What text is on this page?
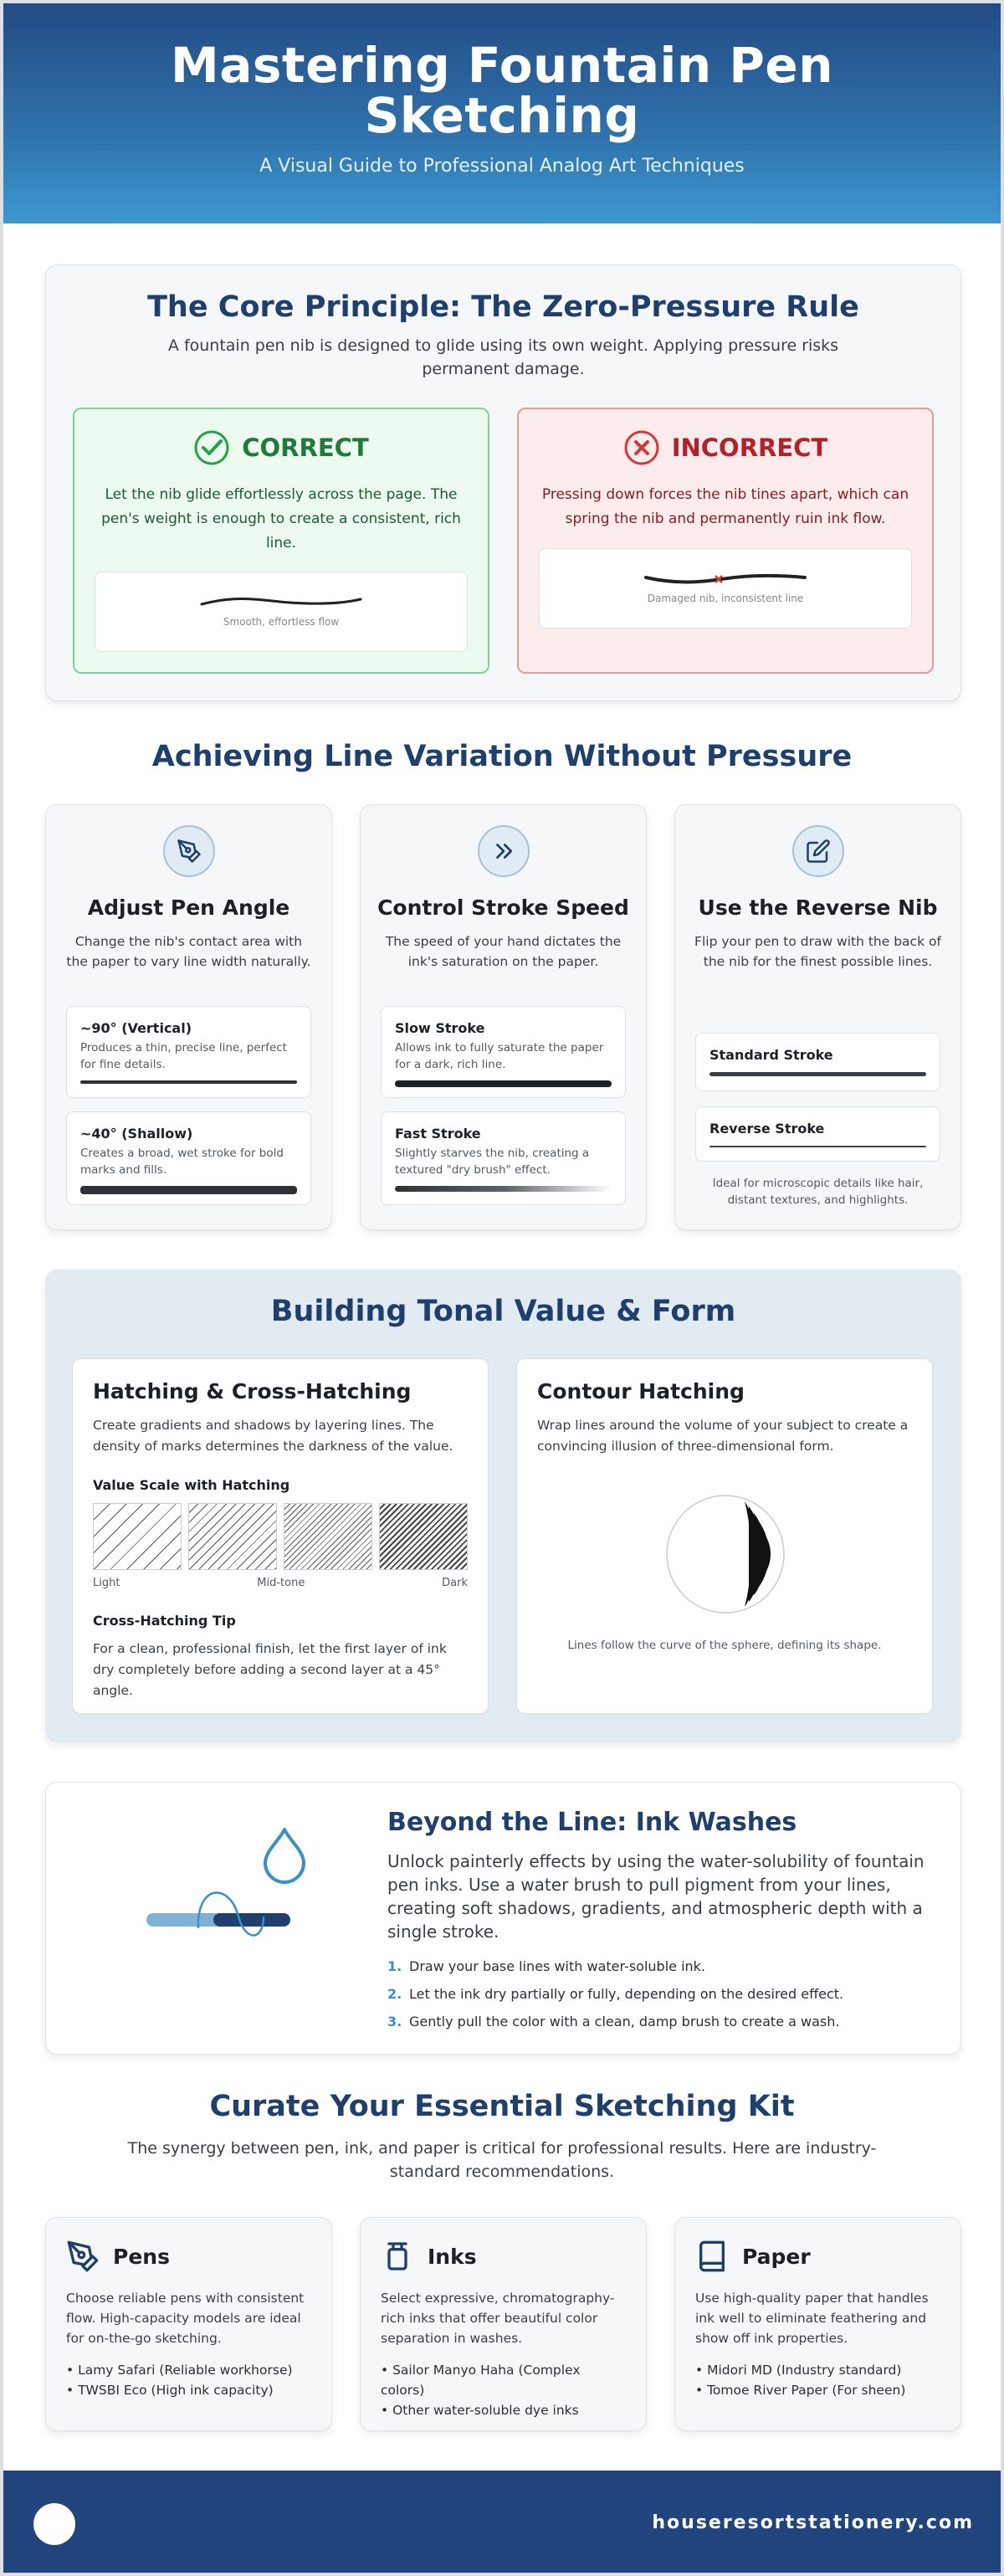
Mastering Fountain Pen Sketching

A Visual Guide to Professional Analog Art Techniques

The Core Principle: The Zero-Pressure Rule

A fountain pen nib is designed to glide using its own weight. Applying pressure risks permanent damage.

CORRECT

Let the nib glide effortlessly across the page. The pen's weight is enough to create a consistent, rich line.

Smooth, effortless flow
INCORRECT

Pressing down forces the nib tines apart, which can spring the nib and permanently ruin ink flow.

Damaged nib, inconsistent line
Achieving Line Variation Without Pressure
Adjust Pen Angle

Change the nib's contact area with the paper to vary line width naturally.

~90° (Vertical)
Produces a thin, precise line, perfect for fine details.
~40° (Shallow)
Creates a broad, wet stroke for bold marks and fills.
Control Stroke Speed

The speed of your hand dictates the ink's saturation on the paper.

Slow Stroke
Allows ink to fully saturate the paper for a dark, rich line.
Fast Stroke
Slightly starves the nib, creating a textured "dry brush" effect.
Use the Reverse Nib

Flip your pen to draw with the back of the nib for the finest possible lines.

Standard Stroke
Reverse Stroke

Ideal for microscopic details like hair, distant textures, and highlights.

Building Tonal Value & Form
Hatching & Cross-Hatching

Create gradients and shadows by layering lines. The density of marks determines the darkness of the value.

Value Scale with Hatching
Light	Mid-tone	Dark
Cross-Hatching Tip

For a clean, professional finish, let the first layer of ink dry completely before adding a second layer at a 45° angle.

Contour Hatching

Wrap lines around the volume of your subject to create a convincing illusion of three-dimensional form.

Lines follow the curve of the sphere, defining its shape.

Beyond the Line: Ink Washes

Unlock painterly effects by using the water-solubility of fountain pen inks. Use a water brush to pull pigment from your lines, creating soft shadows, gradients, and atmospheric depth with a single stroke.

1. Draw your base lines with water-soluble ink.
2. Let the ink dry partially or fully, depending on the desired effect.
3. Gently pull the color with a clean, damp brush to create a wash.
Curate Your Essential Sketching Kit

The synergy between pen, ink, and paper is critical for professional results. Here are industry-standard recommendations.

Pens

Choose reliable pens with consistent flow. High-capacity models are ideal for on-the-go sketching.

• Lamy Safari (Reliable workhorse)
• TWSBI Eco (High ink capacity)
Inks

Select expressive, chromatography-rich inks that offer beautiful color separation in washes.

• Sailor Manyo Haha (Complex colors)
• Other water-soluble dye inks
Paper

Use high-quality paper that handles ink well to eliminate feathering and show off ink properties.

• Midori MD (Industry standard)
• Tomoe River Paper (For sheen)
houseresortstationery.com
